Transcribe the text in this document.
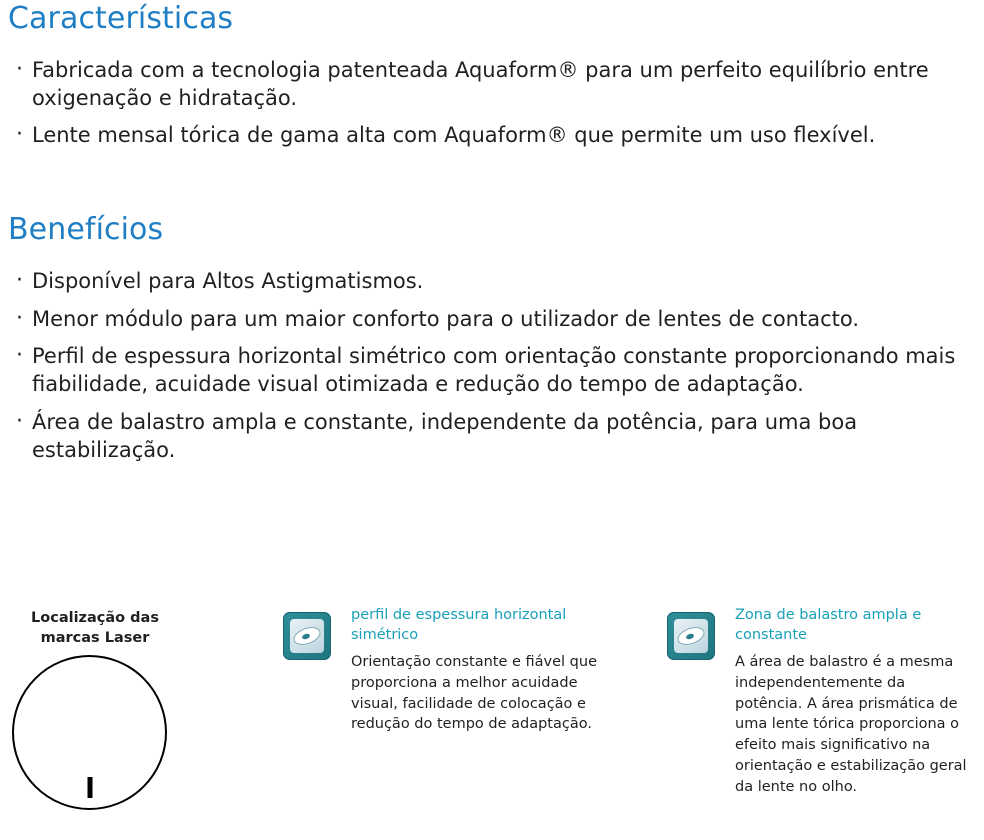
Características
· Fabricada com a tecnologia patenteada Aquaform® para um perfeito equilíbrio entre oxigenação e hidratação.
· Lente mensal tórica de gama alta com Aquaform® que permite um uso flexível.
Benefícios
· Disponível para Altos Astigmatismos.
· Menor módulo para um maior conforto para o utilizador de lentes de contacto.
· Perfil de espessura horizontal simétrico com orientação constante proporcionando mais fiabilidade, acuidade visual otimizada e redução do tempo de adaptação.
· Área de balastro ampla e constante, independente da potência, para uma boa estabilização.
Localização das
marcas Laser

perfil de espessura horizontal simétrico

Orientação constante e fiável que proporciona a melhor acuidade visual, facilidade de colocação e redução do tempo de adaptação.

Zona de balastro ampla e constante

A área de balastro é a mesma independentemente da potência. A área prismática de uma lente tórica proporciona o efeito mais significativo na orientação e estabilização geral da lente no olho.
